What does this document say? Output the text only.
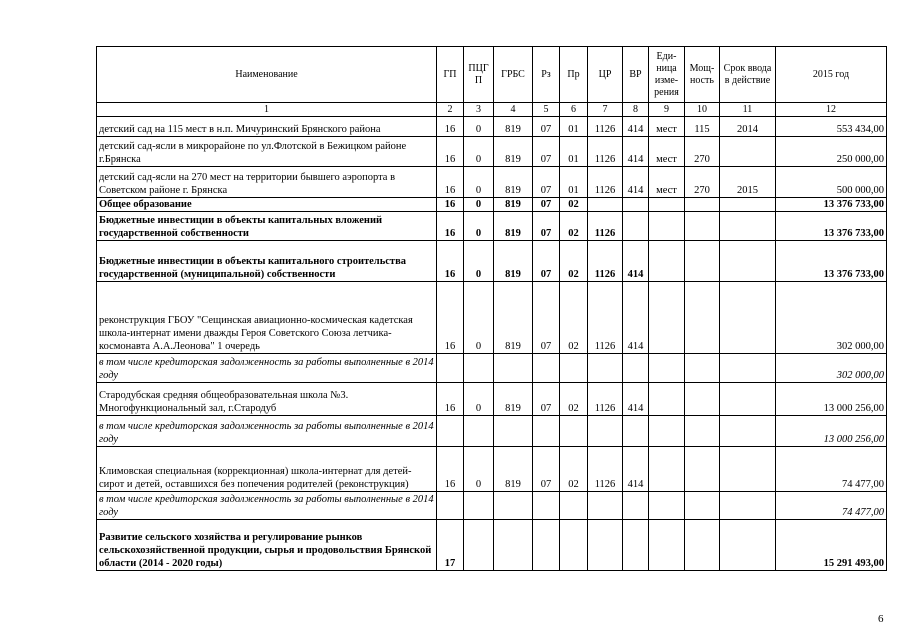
Наименование	ГП	ПЦГ П	ГРБС	Рз	Пр	ЦР	ВР	Еди-ница изме-рения	Мощ-ность	Срок ввода в действие	2015 год
1	2	3	4	5	6	7	8	9	10	11	12
детский сад на 115 мест в н.п. Мичуринский Брянского района	16	0	819	07	01	1126	414	мест	115	2014	553 434,00
детский сад-ясли в микрорайоне по ул.Флотской в Бежицком районе г.Брянска	16	0	819	07	01	1126	414	мест	270		250 000,00
детский сад-ясли на 270 мест на территории бывшего аэропорта в Советском районе г. Брянска	16	0	819	07	01	1126	414	мест	270	2015	500 000,00
Общее образование	16	0	819	07	02						13 376 733,00
Бюджетные инвестиции в объекты капитальных вложений государственной собственности	16	0	819	07	02	1126					13 376 733,00
Бюджетные инвестиции в объекты капитального строительства государственной (муниципальной) собственности	16	0	819	07	02	1126	414				13 376 733,00
реконструкция ГБОУ "Сещинская авиационно-космическая кадетская школа-интернат имени дважды Героя Советского Союза летчика-космонавта А.А.Леонова" 1 очередь	16	0	819	07	02	1126	414				302 000,00
в том числе кредиторская задолженность за работы выполненные в 2014 году											302 000,00
Стародубская средняя общеобразовательная школа №3. Многофункциональный зал, г.Стародуб	16	0	819	07	02	1126	414				13 000 256,00
в том числе кредиторская задолженность за работы выполненные в 2014 году											13 000 256,00
Климовская специальная (коррекционная) школа-интернат для детей-сирот и детей, оставшихся без попечения родителей (реконструкция)	16	0	819	07	02	1126	414				74 477,00
в том числе кредиторская задолженность за работы выполненные в 2014 году											74 477,00
Развитие сельского хозяйства и регулирование рынков сельскохозяйственной продукции, сырья и продовольствия Брянской области (2014 - 2020 годы)	17										15 291 493,00
6
